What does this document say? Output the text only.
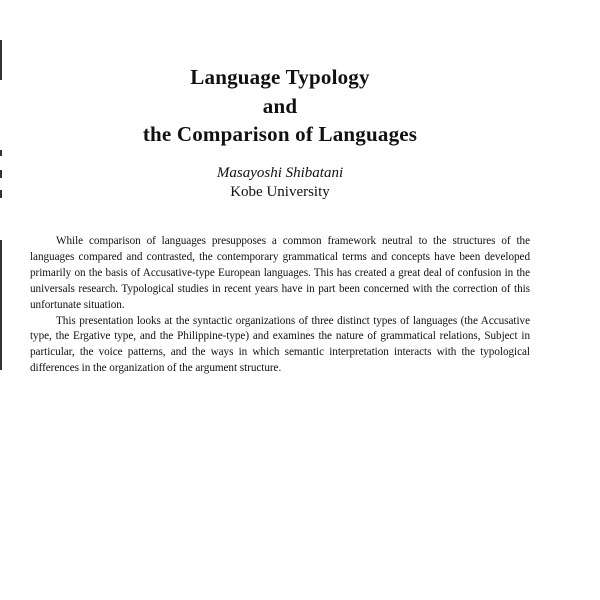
Language Typology
and
the Comparison of Languages
Masayoshi Shibatani
Kobe University

While comparison of languages presupposes a common framework neutral to the structures of the languages compared and contrasted, the contemporary grammatical terms and concepts have been developed primarily on the basis of Accusative-type European languages. This has created a great deal of confusion in the universals research. Typological studies in recent years have in part been concerned with the correction of this unfortunate situation.

This presentation looks at the syntactic organizations of three distinct types of languages (the Accusative type, the Ergative type, and the Philippine-type) and examines the nature of grammatical relations, Subject in particular, the voice patterns, and the ways in which semantic interpretation interacts with the typological differences in the organization of the argument structure.
